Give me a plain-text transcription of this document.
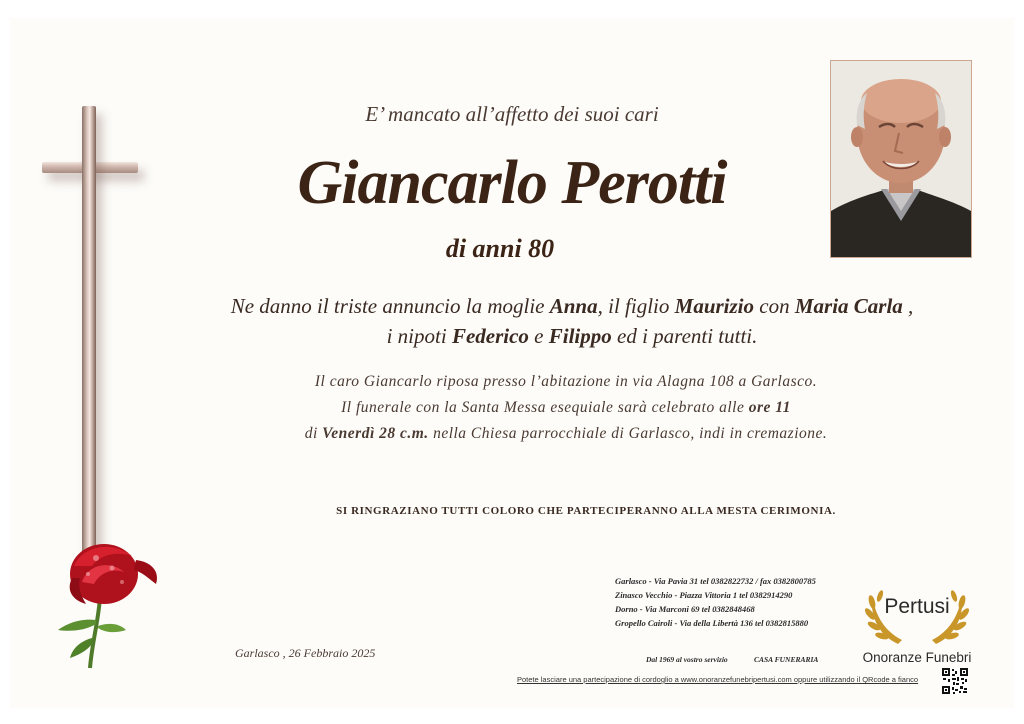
E’ mancato all’affetto dei suoi cari
Giancarlo Perotti
di anni 80
Ne danno il triste annuncio la moglie Anna, il figlio Maurizio con Maria Carla ,
i nipoti Federico e Filippo ed i parenti tutti.
Il caro Giancarlo riposa presso l’abitazione in via Alagna 108 a Garlasco.
Il funerale con la Santa Messa esequiale sarà celebrato alle ore 11
di Venerdì 28 c.m. nella Chiesa parrocchiale di Garlasco, indi in cremazione.
SI RINGRAZIANO TUTTI COLORO CHE PARTECIPERANNO ALLA MESTA CERIMONIA.
Garlasco , 26 Febbraio 2025
Garlasco - Via Pavia 31 tel 0382822732 / fax 0382800785
Zinasco Vecchio - Piazza Vittoria 1 tel 0382914290
Dorno - Via Marconi 69 tel 0382848468
Gropello Cairoli - Via della Libertà 136 tel 0382815880
Dal 1969 al vostro servizio	CASA FUNERARIA
Potete lasciare una partecipazione di cordoglio a www.onoranzefunebripertusi.com oppure utilizzando il QRcode a fianco
Pertusi
Onoranze Funebri
